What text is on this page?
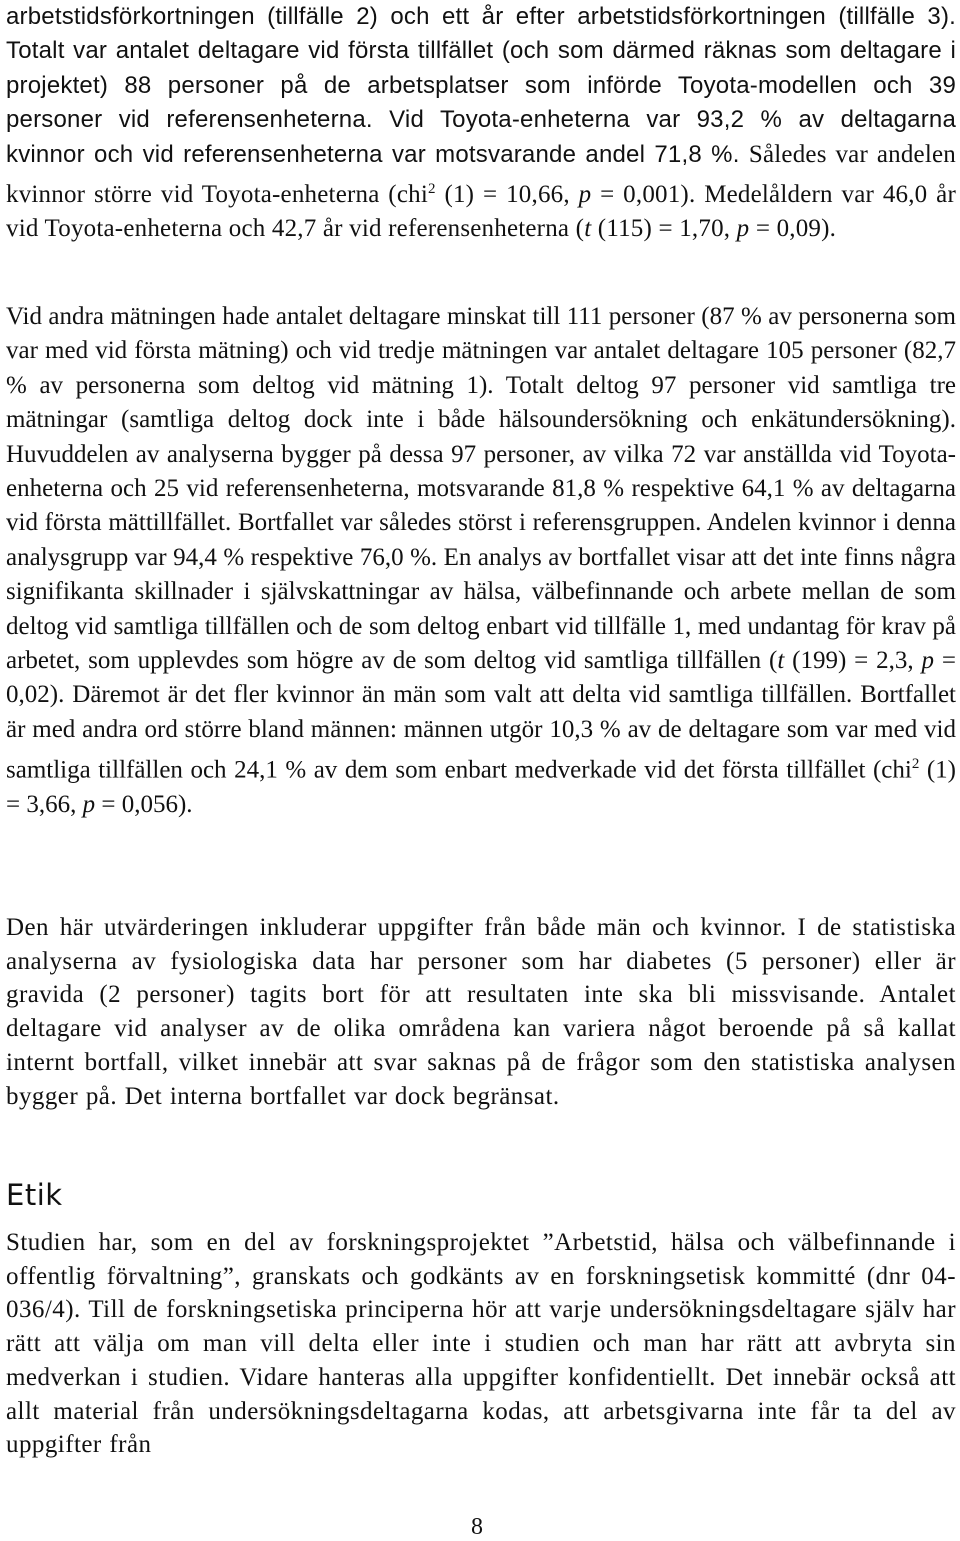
arbetstidsförkortningen (tillfälle 2) och ett år efter arbetstidsförkortningen (tillfälle 3). Totalt var antalet deltagare vid första tillfället (och som därmed räknas som deltagare i projektet) 88 personer på de arbetsplatser som införde Toyota-modellen och 39 personer vid referensenheterna. Vid Toyota-enheterna var 93,2 % av deltagarna kvinnor och vid referensenheterna var motsvarande andel 71,8 %. Således var andelen kvinnor större vid Toyota-enheterna (chi$^2$ (1) = 10,66, p = 0,001). Medelåldern var 46,0 år vid Toyota-enheterna och 42,7 år vid referensenheterna (t (115) = 1,70, p = 0,09).

Vid andra mätningen hade antalet deltagare minskat till 111 personer (87 % av personerna som var med vid första mätning) och vid tredje mätningen var antalet deltagare 105 personer (82,7 % av personerna som deltog vid mätning 1). Totalt deltog 97 personer vid samtliga tre mätningar (samtliga deltog dock inte i både hälsoundersökning och enkätundersökning). Huvuddelen av analyserna bygger på dessa 97 personer, av vilka 72 var anställda vid Toyota-enheterna och 25 vid referensenheterna, motsvarande 81,8 % respektive 64,1 % av deltagarna vid första mättillfället. Bortfallet var således störst i referensgruppen. Andelen kvinnor i denna analysgrupp var 94,4 % respektive 76,0 %. En analys av bortfallet visar att det inte finns några signifikanta skillnader i självskattningar av hälsa, välbefinnande och arbete mellan de som deltog vid samtliga tillfällen och de som deltog enbart vid tillfälle 1, med undantag för krav på arbetet, som upplevdes som högre av de som deltog vid samtliga tillfällen (t (199) = 2,3, p = 0,02). Däremot är det fler kvinnor än män som valt att delta vid samtliga tillfällen. Bortfallet är med andra ord större bland männen: männen utgör 10,3 % av de deltagare som var med vid samtliga tillfällen och 24,1 % av dem som enbart medverkade vid det första tillfället (chi$^2$ (1) = 3,66, p = 0,056).

Den här utvärderingen inkluderar uppgifter från både män och kvinnor. I de statistiska analyserna av fysiologiska data har personer som har diabetes (5 personer) eller är gravida (2 personer) tagits bort för att resultaten inte ska bli missvisande. Antalet deltagare vid analyser av de olika områdena kan variera något beroende på så kallat internt bortfall, vilket innebär att svar saknas på de frågor som den statistiska analysen bygger på. Det interna bortfallet var dock begränsat.

Etik

Studien har, som en del av forskningsprojektet ”Arbetstid, hälsa och välbefinnande i offentlig förvaltning”, granskats och godkänts av en forskningsetisk kommitté (dnr 04-036/4). Till de forskningsetiska principerna hör att varje undersökningsdeltagare själv har rätt att välja om man vill delta eller inte i studien och man har rätt att avbryta sin medverkan i studien. Vidare hanteras alla uppgifter konfidentiellt. Det innebär också att allt material från undersökningsdeltagarna kodas, att arbetsgivarna inte får ta del av uppgifter från

8
